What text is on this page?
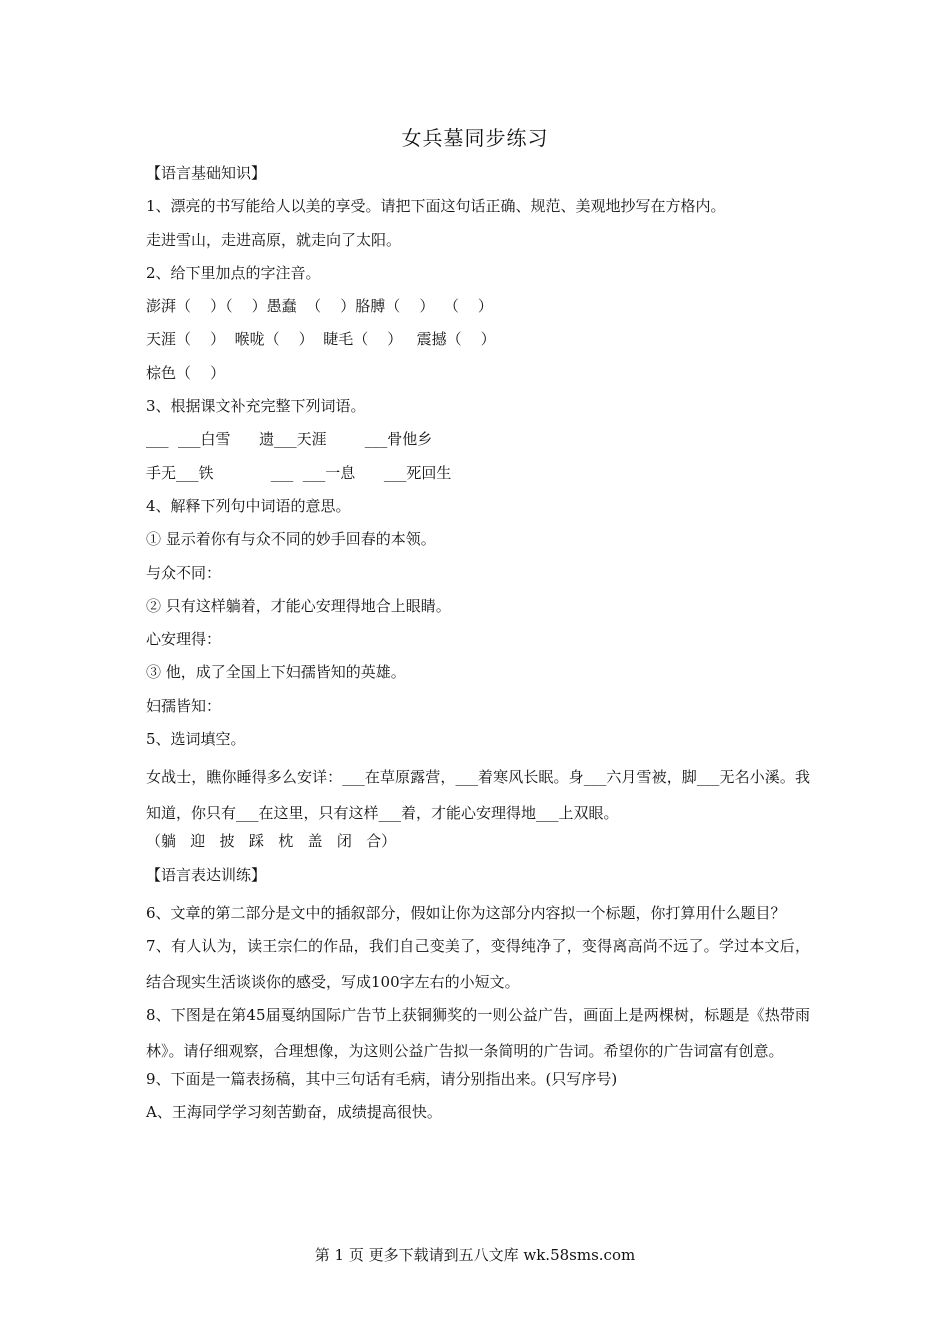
女兵墓同步练习
【语言基础知识】
1、漂亮的书写能给人以美的享受。请把下面这句话正确、规范、美观地抄写在方格内。
走进雪山，走进高原，就走向了太阳。
2、给下里加点的字注音。
澎湃（    ）（    ）愚蠢  （    ）胳膊（    ）  （    ）
天涯（    ）  喉咙（    ）  睫毛（    ）   震撼（    ）
棕色（    ）
3、根据课文补充完整下列词语。
___  ___白雪      遗___天涯        ___骨他乡
手无___铁            ___  ___一息      ___死回生
4、解释下列句中词语的意思。
① 显示着你有与众不同的妙手回春的本领。
与众不同：
② 只有这样躺着，才能心安理得地合上眼睛。
心安理得：
③ 他，成了全国上下妇孺皆知的英雄。
妇孺皆知：
5、选词填空。
女战士，瞧你睡得多么安详：___在草原露营，___着寒风长眠。身___六月雪被，脚___无名小溪。我知道，你只有___在这里，只有这样___着，才能心安理得地___上双眼。
（躺   迎   披   踩   枕   盖   闭   合）
【语言表达训练】
6、文章的第二部分是文中的插叙部分，假如让你为这部分内容拟一个标题，你打算用什么题目？
7、有人认为，读王宗仁的作品，我们自己变美了，变得纯净了，变得离高尚不远了。学过本文后，结合现实生活谈谈你的感受，写成100字左右的小短文。
8、下图是在第45届戛纳国际广告节上获铜狮奖的一则公益广告，画面上是两棵树，标题是《热带雨林》。请仔细观察，合理想像，为这则公益广告拟一条简明的广告词。希望你的广告词富有创意。
9、下面是一篇表扬稿，其中三句话有毛病，请分别指出来。(只写序号)
A、王海同学学习刻苦勤奋，成绩提高很快。
第 1 页 更多下载请到五八文库 wk.58sms.com
